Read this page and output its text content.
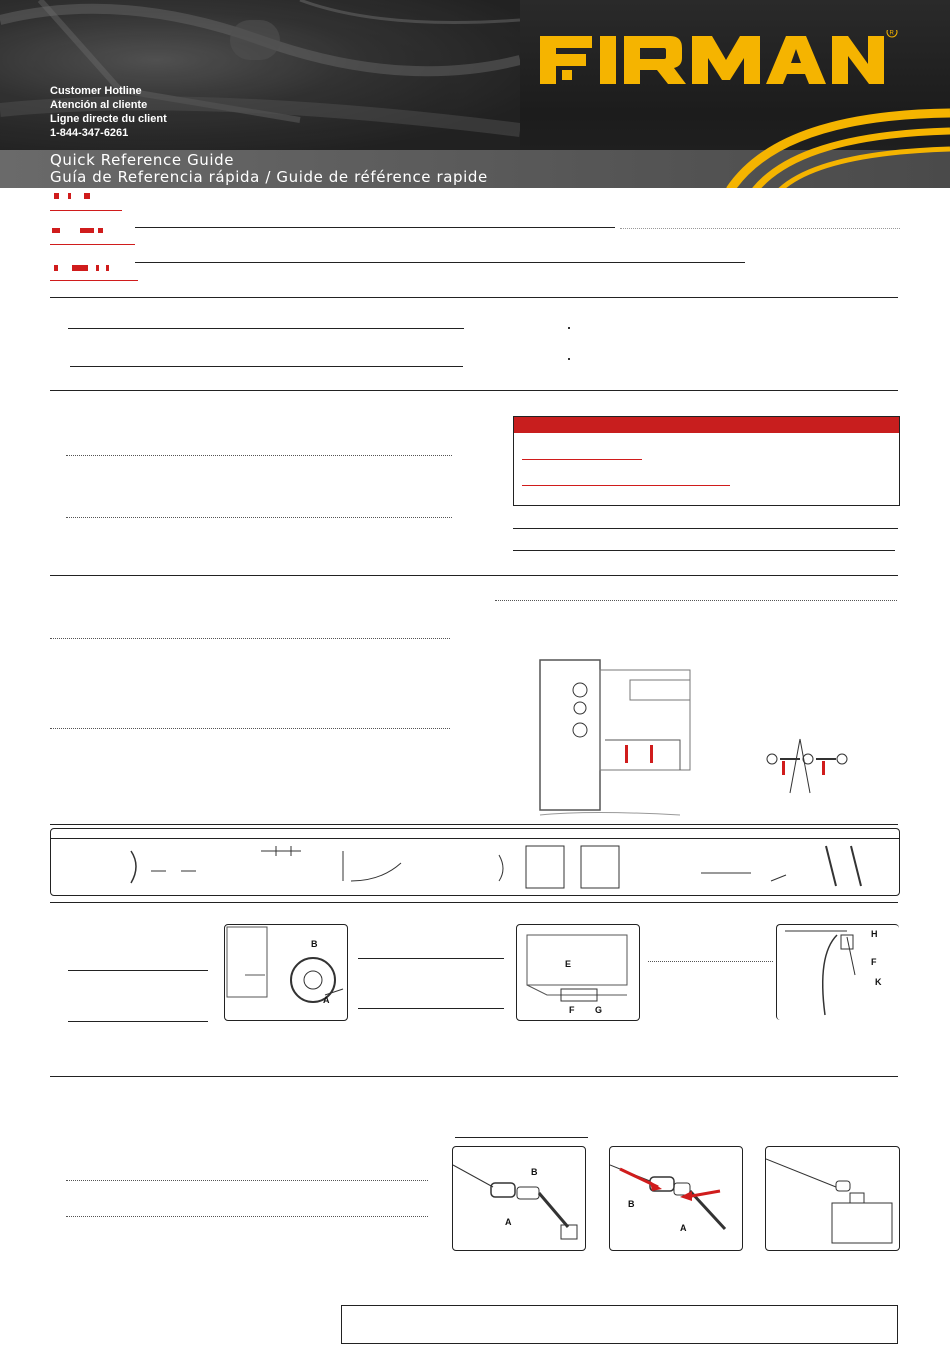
Customer Hotline
Atención al cliente
Ligne directe du client
1-844-347-6261
Quick Reference Guide
Guía de Referencia rápida / Guide de référence rapide
R
B
A
E
F G
H
F
K
B
A
B
A
